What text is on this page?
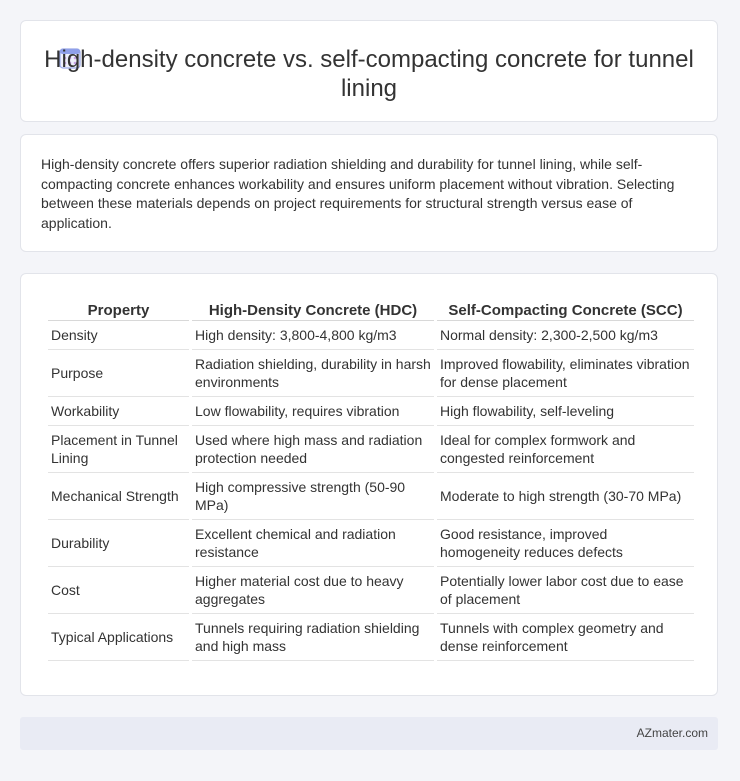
High-density concrete vs. self-compacting concrete for tunnel lining
High-density concrete offers superior radiation shielding and durability for tunnel lining, while self-compacting concrete enhances workability and ensures uniform placement without vibration. Selecting between these materials depends on project requirements for structural strength versus ease of application.
Property	High-Density Concrete (HDC)	Self-Compacting Concrete (SCC)
Density	High density: 3,800-4,800 kg/m3	Normal density: 2,300-2,500 kg/m3
Purpose	Radiation shielding, durability in harsh environments	Improved flowability, eliminates vibration for dense placement
Workability	Low flowability, requires vibration	High flowability, self-leveling
Placement in Tunnel Lining	Used where high mass and radiation protection needed	Ideal for complex formwork and congested reinforcement
Mechanical Strength	High compressive strength (50-90 MPa)	Moderate to high strength (30-70 MPa)
Durability	Excellent chemical and radiation resistance	Good resistance, improved homogeneity reduces defects
Cost	Higher material cost due to heavy aggregates	Potentially lower labor cost due to ease of placement
Typical Applications	Tunnels requiring radiation shielding and high mass	Tunnels with complex geometry and dense reinforcement
AZmater.com
